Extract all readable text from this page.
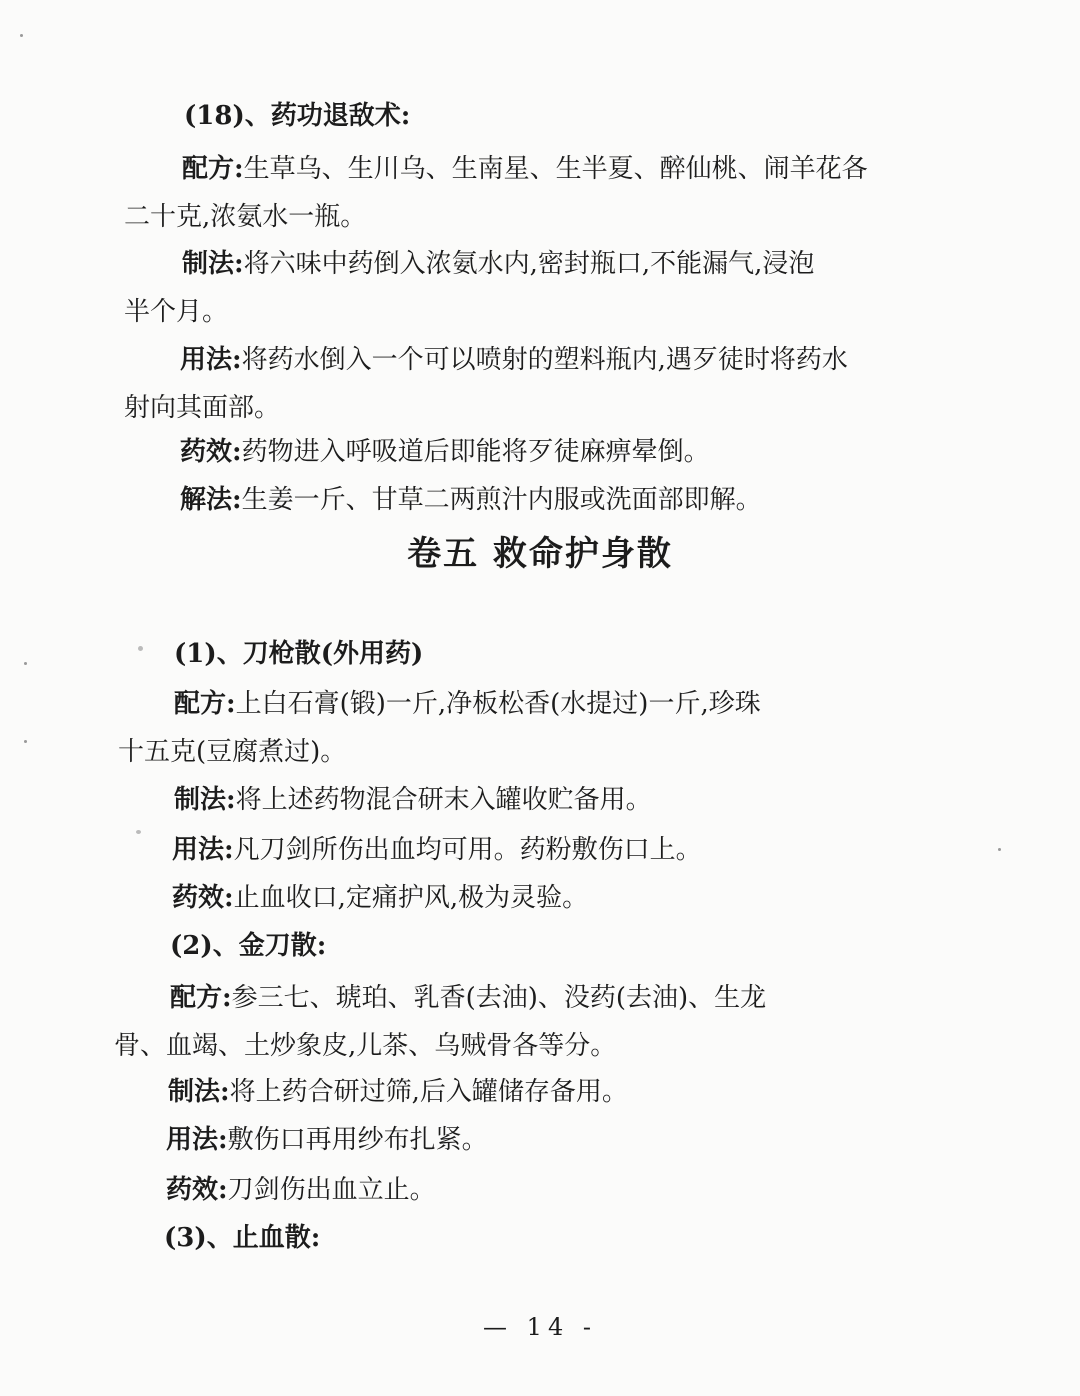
(18)、药功退敌术:
配方:生草乌、生川乌、生南星、生半夏、醉仙桃、闹羊花各
二十克,浓氨水一瓶。
制法:将六味中药倒入浓氨水内,密封瓶口,不能漏气,浸泡
半个月。
用法:将药水倒入一个可以喷射的塑料瓶内,遇歹徒时将药水
射向其面部。
药效:药物进入呼吸道后即能将歹徒麻痹晕倒。
解法:生姜一斤、甘草二两煎汁内服或洗面部即解。
卷五 救命护身散
(1)、刀枪散(外用药)
配方:上白石膏(锻)一斤,净板松香(水提过)一斤,珍珠
十五克(豆腐煮过)。
制法:将上述药物混合研末入罐收贮备用。
用法:凡刀剑所伤出血均可用。药粉敷伤口上。
药效:止血收口,定痛护风,极为灵验。
(2)、金刀散:
配方:参三七、琥珀、乳香(去油)、没药(去油)、生龙
骨、血竭、土炒象皮,儿茶、乌贼骨各等分。
制法:将上药合研过筛,后入罐储存备用。
用法:敷伤口再用纱布扎紧。
药效:刀剑伤出血立止。
(3)、止血散:
— 14 -
